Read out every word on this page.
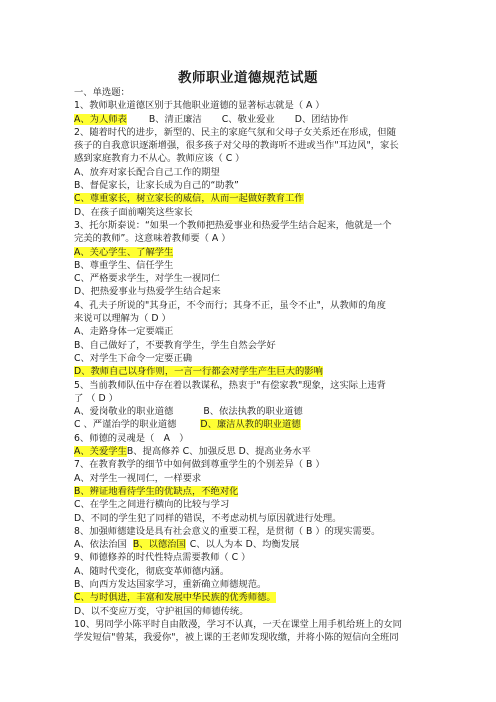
教师职业道德规范试题
一、单选题：
1、教师职业道德区别于其他职业道德的显著标志就是（ A ）
A、为人师表 B、清正廉洁 C、敬业爱业 D、团结协作
2、随着时代的进步，新型的、民主的家庭气氛和父母子女关系还在形成，但随
孩子的自我意识逐渐增强，很多孩子对父母的教诲听不进或当作"耳边风"，家长
感到家庭教育力不从心。教师应该（ C ）
A、放弃对家长配合自己工作的期望
B、督促家长，让家长成为自己的“助教”
C、尊重家长，树立家长的威信，从而一起做好教育工作
D、在孩子面前嘲笑这些家长
3、托尔斯泰说：“如果一个教师把热爱事业和热爱学生结合起来，他就是一个
完美的教师”。这意味着教师要（ A ）
A、关心学生、了解学生
B、尊重学生、信任学生
C、严格要求学生，对学生一视同仁
D、把热爱事业与热爱学生结合起来
4、孔夫子所说的"其身正，不令而行；其身不正，虽令不止"，从教师的角度
来说可以理解为（ D ）
A、走路身体一定要端正
B、自己做好了，不要教育学生，学生自然会学好
C、对学生下命令一定要正确
D、教师自己以身作则，一言一行都会对学生产生巨大的影响
5、当前教师队伍中存在着以教谋私，热衷于"有偿家教"现象，这实际上违背
了 （ D ）
A、爱岗敬业的职业道德	B、依法执教的职业道德
C 、严谨治学的职业道德	D、廉洁从教的职业道德
6、师德的灵魂是（　A　）
A、关爱学生B、提高修养 C、加强反思 D、提高业务水平
7、在教育教学的细节中如何做到尊重学生的个别差异（ B ）
A、对学生一视同仁，一样要求
B、辨证地看待学生的优缺点，不绝对化
C、在学生之间进行横向的比较与学习
D、不同的学生犯了同样的错误，不考虑动机与原因就进行处理。
8、加强师德建设是具有社会意义的重要工程，是贯彻（ B ）的现实需要。
A、依法治国 B、以德治国 C、以人为本 D、均衡发展
9、师德修养的时代性特点需要教师（ C ）
A、随时代变化，彻底变革师德内涵。
B、向西方发达国家学习，重新确立师德规范。
C、与时俱进，丰富和发展中华民族的优秀师德。
D、以不变应万变，守护祖国的师德传统。
10、男同学小陈平时自由散漫，学习不认真，一天在课堂上用手机给班上的女同
学发短信"曾某，我爱你"，被上课的王老师发现收缴，并将小陈的短信向全班同
